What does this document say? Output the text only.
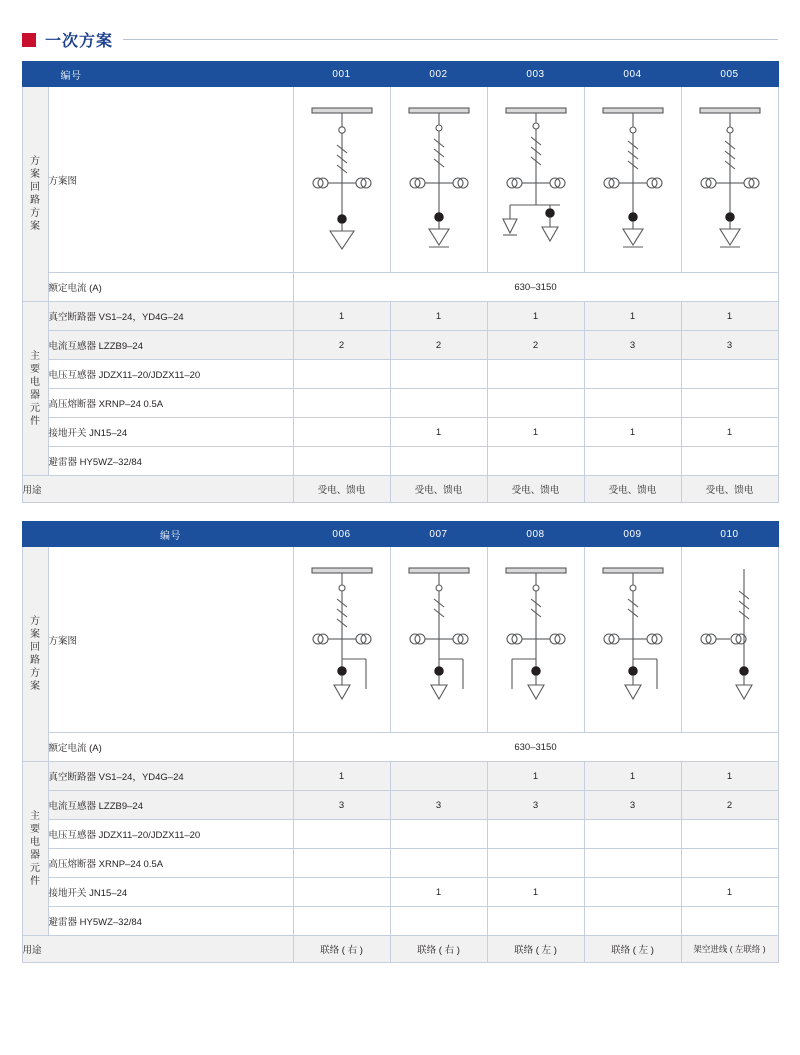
一次方案
	编号	001	002	003	004	005
方案回路方案	方案图	

	额定电流 (A)	630–3150				
主要电器元件	真空断路器 VS1–24，YD4G–24	1	1	1	1	1
	电流互感器 LZZB9–24	2	2	2	3	3
	电压互感器 JDZX11–20/JDZX11–20					
	高压熔断器 XRNP–24 0.5A					
	接地开关 JN15–24		1	1	1	1
	避雷器 HY5WZ–32/84					
用途		受电、馈电	受电、馈电	受电、馈电	受电、馈电	受电、馈电
	编号	006	007	008	009	010
方案回路方案	方案图	

	额定电流 (A)	630–3150				
主要电器元件	真空断路器 VS1–24，YD4G–24	1		1	1	1
	电流互感器 LZZB9–24	3	3	3	3	2
	电压互感器 JDZX11–20/JDZX11–20					
	高压熔断器 XRNP–24 0.5A					
	接地开关 JN15–24		1	1		1
	避雷器 HY5WZ–32/84					
用途		联络 ( 右 )	联络 ( 右 )	联络 ( 左 )	联络 ( 左 )	架空进线 ( 左联络 )
